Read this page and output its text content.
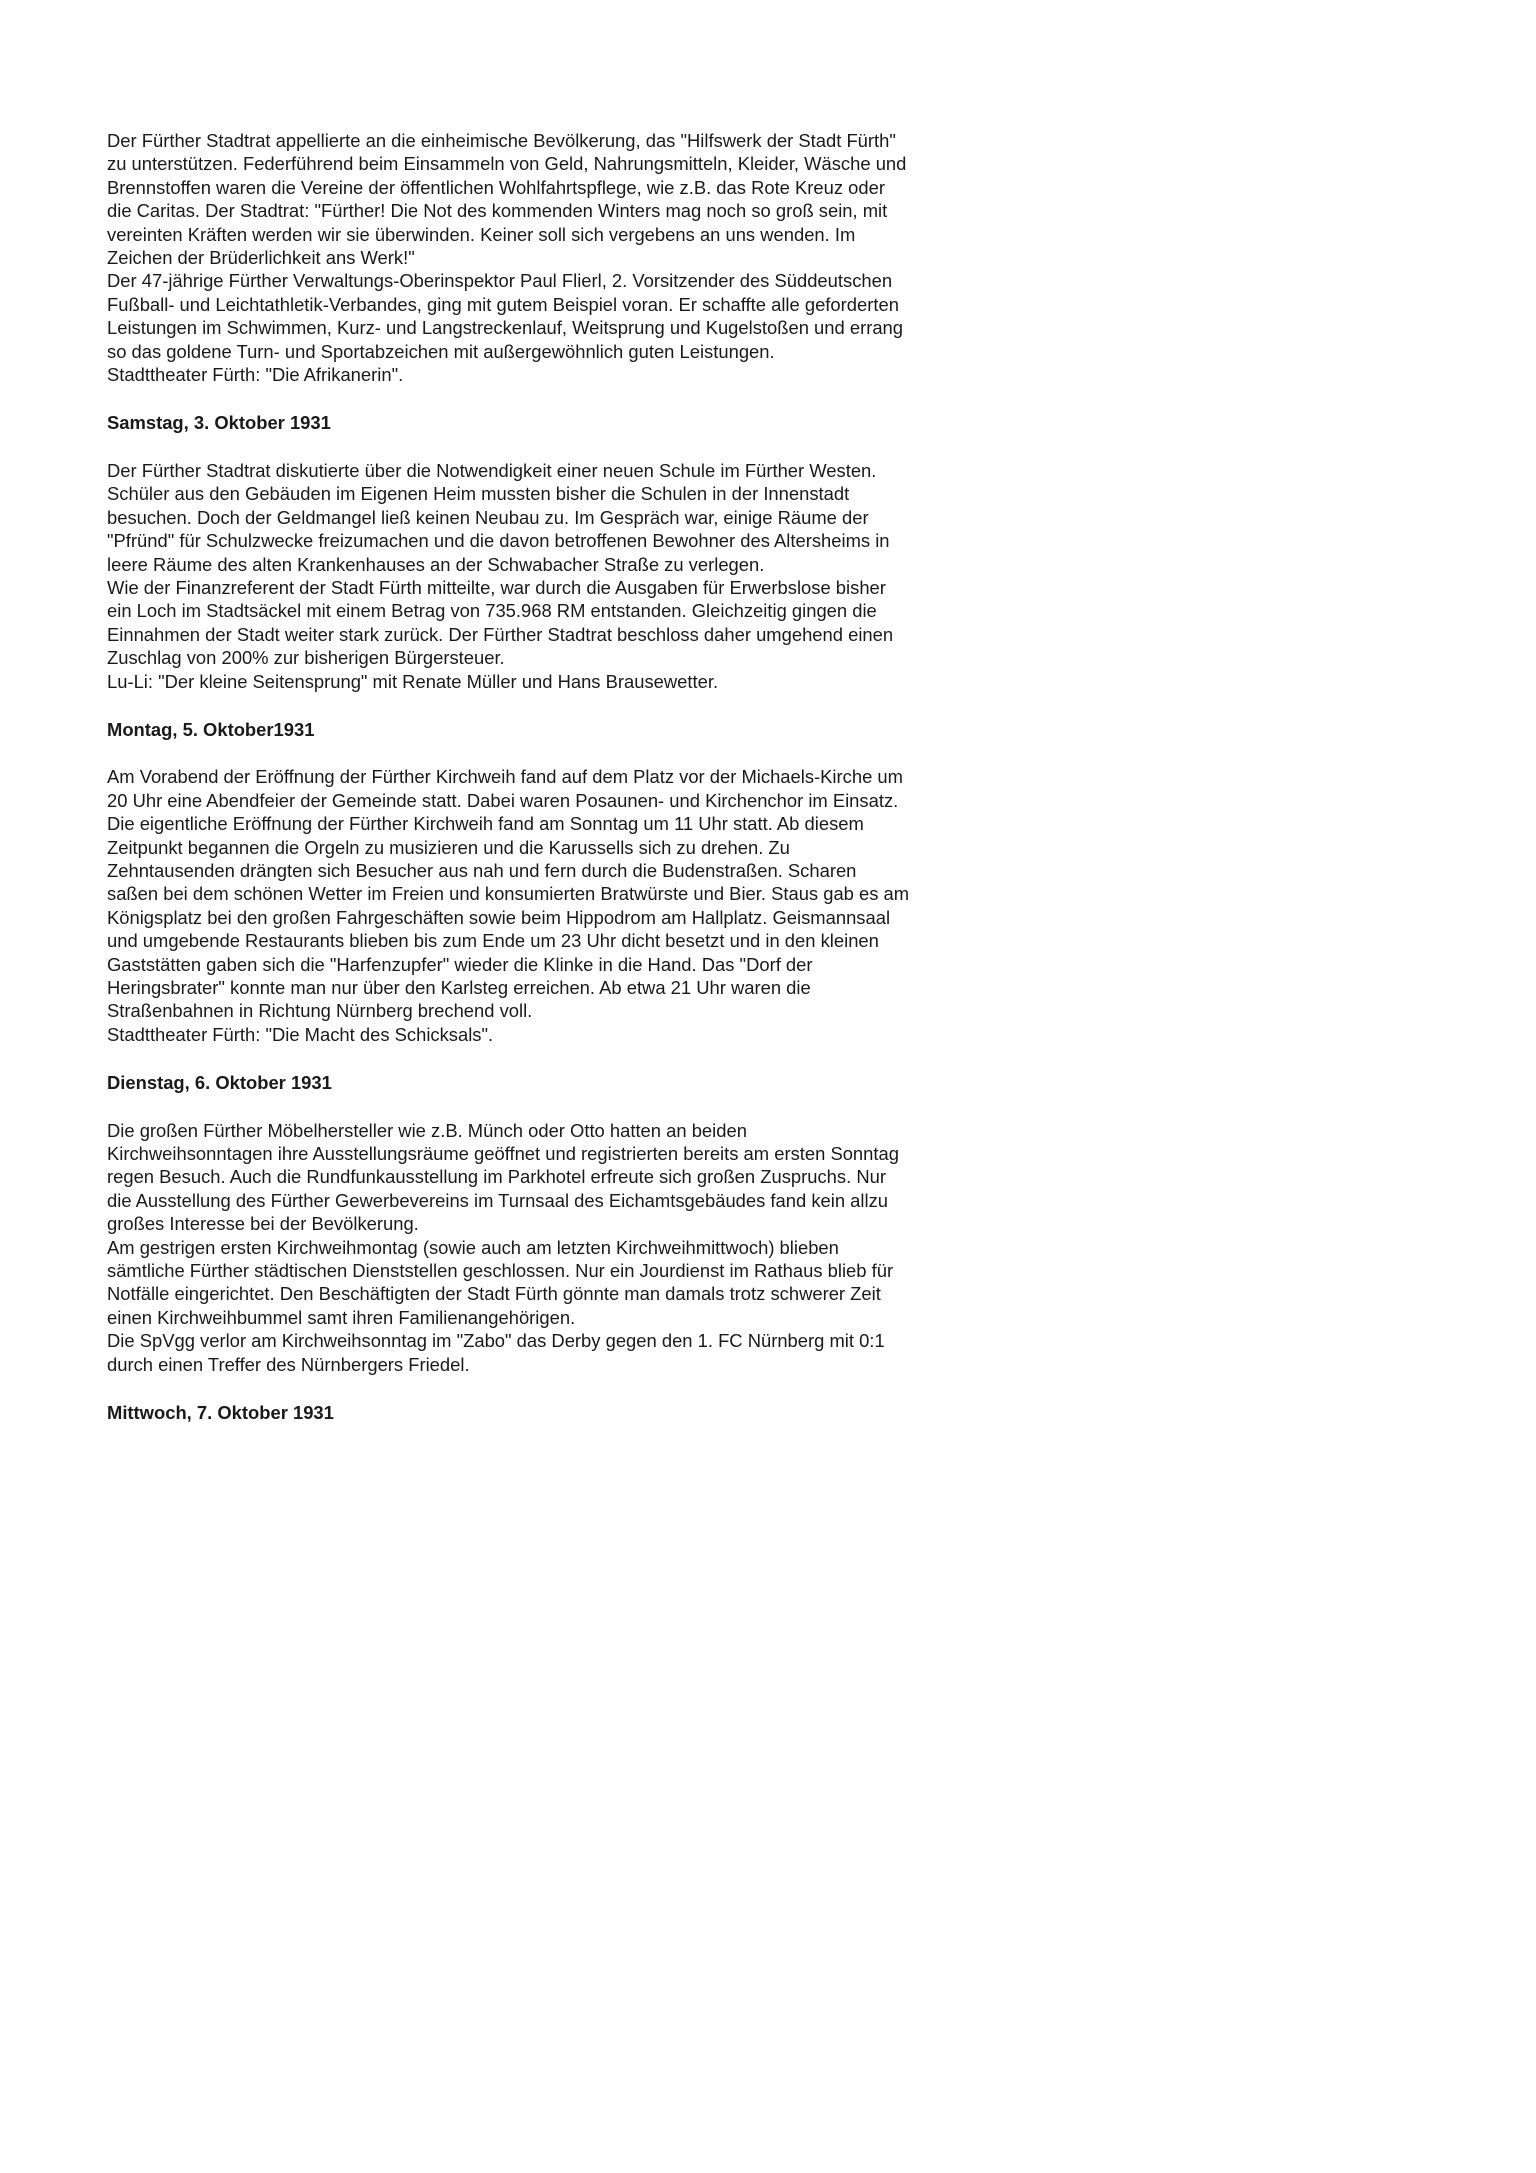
Der Fürther Stadtrat appellierte an die einheimische Bevölkerung, das "Hilfswerk der Stadt Fürth"
zu unterstützen. Federführend beim Einsammeln von Geld, Nahrungsmitteln, Kleider, Wäsche und
Brennstoffen waren die Vereine der öffentlichen Wohlfahrtspflege, wie z.B. das Rote Kreuz oder
die Caritas. Der Stadtrat: "Fürther! Die Not des kommenden Winters mag noch so groß sein, mit
vereinten Kräften werden wir sie überwinden. Keiner soll sich vergebens an uns wenden. Im
Zeichen der Brüderlichkeit ans Werk!"

Der 47-jährige Fürther Verwaltungs-Oberinspektor Paul Flierl, 2. Vorsitzender des Süddeutschen
Fußball- und Leichtathletik-Verbandes, ging mit gutem Beispiel voran. Er schaffte alle geforderten
Leistungen im Schwimmen, Kurz- und Langstreckenlauf, Weitsprung und Kugelstoßen und errang
so das goldene Turn- und Sportabzeichen mit außergewöhnlich guten Leistungen.

Stadttheater Fürth: "Die Afrikanerin".

Samstag, 3. Oktober 1931

Der Fürther Stadtrat diskutierte über die Notwendigkeit einer neuen Schule im Fürther Westen.
Schüler aus den Gebäuden im Eigenen Heim mussten bisher die Schulen in der Innenstadt
besuchen. Doch der Geldmangel ließ keinen Neubau zu. Im Gespräch war, einige Räume der
"Pfründ" für Schulzwecke freizumachen und die davon betroffenen Bewohner des Altersheims in
leere Räume des alten Krankenhauses an der Schwabacher Straße zu verlegen.

Wie der Finanzreferent der Stadt Fürth mitteilte, war durch die Ausgaben für Erwerbslose bisher
ein Loch im Stadtsäckel mit einem Betrag von 735.968 RM entstanden. Gleichzeitig gingen die
Einnahmen der Stadt weiter stark zurück. Der Fürther Stadtrat beschloss daher umgehend einen
Zuschlag von 200% zur bisherigen Bürgersteuer.

Lu-Li: "Der kleine Seitensprung" mit Renate Müller und Hans Brausewetter.

Montag, 5. Oktober1931

Am Vorabend der Eröffnung der Fürther Kirchweih fand auf dem Platz vor der Michaels-Kirche um
20 Uhr eine Abendfeier der Gemeinde statt. Dabei waren Posaunen- und Kirchenchor im Einsatz.
Die eigentliche Eröffnung der Fürther Kirchweih fand am Sonntag um 11 Uhr statt. Ab diesem
Zeitpunkt begannen die Orgeln zu musizieren und die Karussells sich zu drehen. Zu
Zehntausenden drängten sich Besucher aus nah und fern durch die Budenstraßen. Scharen
saßen bei dem schönen Wetter im Freien und konsumierten Bratwürste und Bier. Staus gab es am
Königsplatz bei den großen Fahrgeschäften sowie beim Hippodrom am Hallplatz. Geismannsaal
und umgebende Restaurants blieben bis zum Ende um 23 Uhr dicht besetzt und in den kleinen
Gaststätten gaben sich die "Harfenzupfer" wieder die Klinke in die Hand. Das "Dorf der
Heringsbrater" konnte man nur über den Karlsteg erreichen. Ab etwa 21 Uhr waren die
Straßenbahnen in Richtung Nürnberg brechend voll.

Stadttheater Fürth: "Die Macht des Schicksals".

Dienstag, 6. Oktober 1931

Die großen Fürther Möbelhersteller wie z.B. Münch oder Otto hatten an beiden
Kirchweihsonntagen ihre Ausstellungsräume geöffnet und registrierten bereits am ersten Sonntag
regen Besuch. Auch die Rundfunkausstellung im Parkhotel erfreute sich großen Zuspruchs. Nur
die Ausstellung des Fürther Gewerbevereins im Turnsaal des Eichamtsgebäudes fand kein allzu
großes Interesse bei der Bevölkerung.

Am gestrigen ersten Kirchweihmontag (sowie auch am letzten Kirchweihmittwoch) blieben
sämtliche Fürther städtischen Dienststellen geschlossen. Nur ein Jourdienst im Rathaus blieb für
Notfälle eingerichtet. Den Beschäftigten der Stadt Fürth gönnte man damals trotz schwerer Zeit
einen Kirchweihbummel samt ihren Familienangehörigen.

Die SpVgg verlor am Kirchweihsonntag im "Zabo" das Derby gegen den 1. FC Nürnberg mit 0:1
durch einen Treffer des Nürnbergers Friedel.

Mittwoch, 7. Oktober 1931
